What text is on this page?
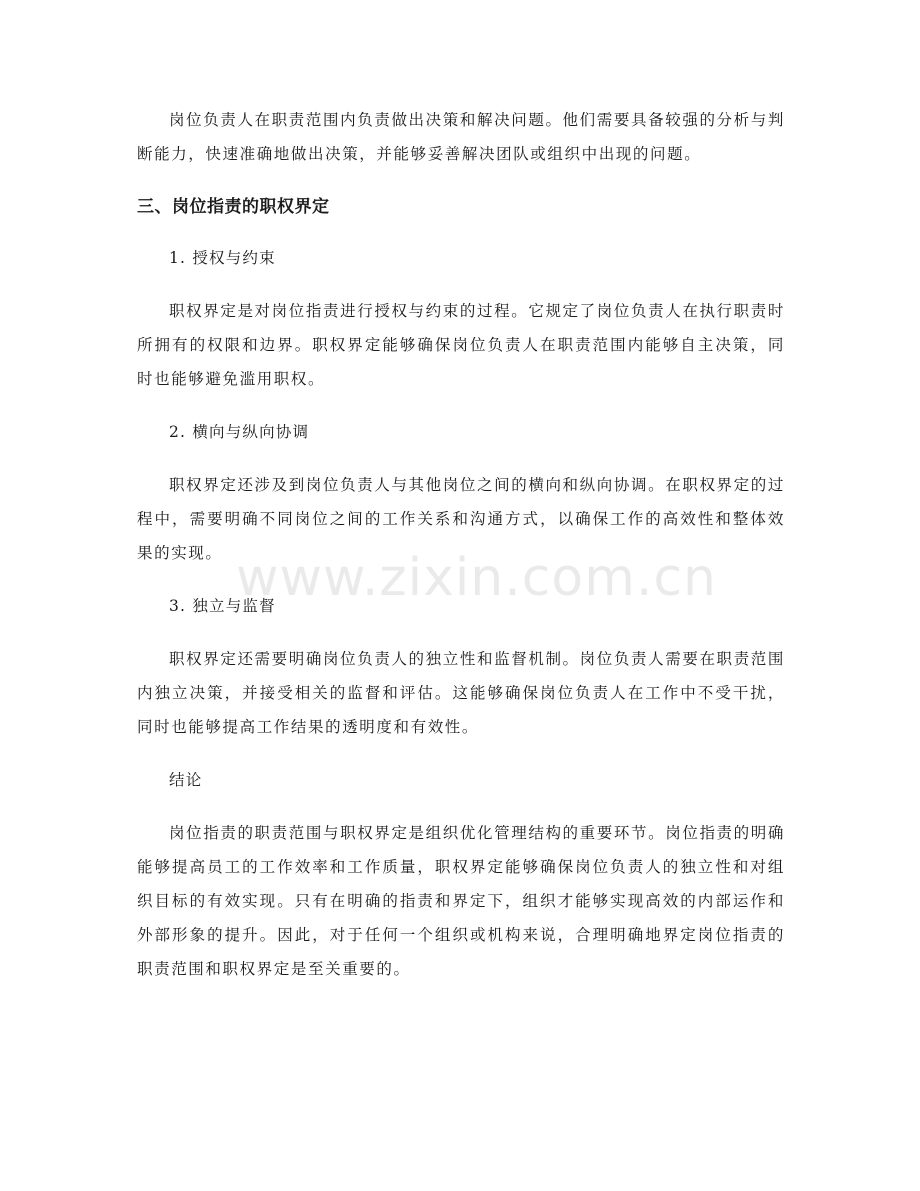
岗位负责人在职责范围内负责做出决策和解决问题。他们需要具备较强的分析与判断能力，快速准确地做出决策，并能够妥善解决团队或组织中出现的问题。

三、岗位指责的职权界定
1. 授权与约束

职权界定是对岗位指责进行授权与约束的过程。它规定了岗位负责人在执行职责时所拥有的权限和边界。职权界定能够确保岗位负责人在职责范围内能够自主决策，同时也能够避免滥用职权。

2. 横向与纵向协调

职权界定还涉及到岗位负责人与其他岗位之间的横向和纵向协调。在职权界定的过程中，需要明确不同岗位之间的工作关系和沟通方式，以确保工作的高效性和整体效果的实现。

3. 独立与监督

职权界定还需要明确岗位负责人的独立性和监督机制。岗位负责人需要在职责范围内独立决策，并接受相关的监督和评估。这能够确保岗位负责人在工作中不受干扰，同时也能够提高工作结果的透明度和有效性。

结论

岗位指责的职责范围与职权界定是组织优化管理结构的重要环节。岗位指责的明确能够提高员工的工作效率和工作质量，职权界定能够确保岗位负责人的独立性和对组织目标的有效实现。只有在明确的指责和界定下，组织才能够实现高效的内部运作和外部形象的提升。因此，对于任何一个组织或机构来说，合理明确地界定岗位指责的职责范围和职权界定是至关重要的。

www.zixin.com.cn
